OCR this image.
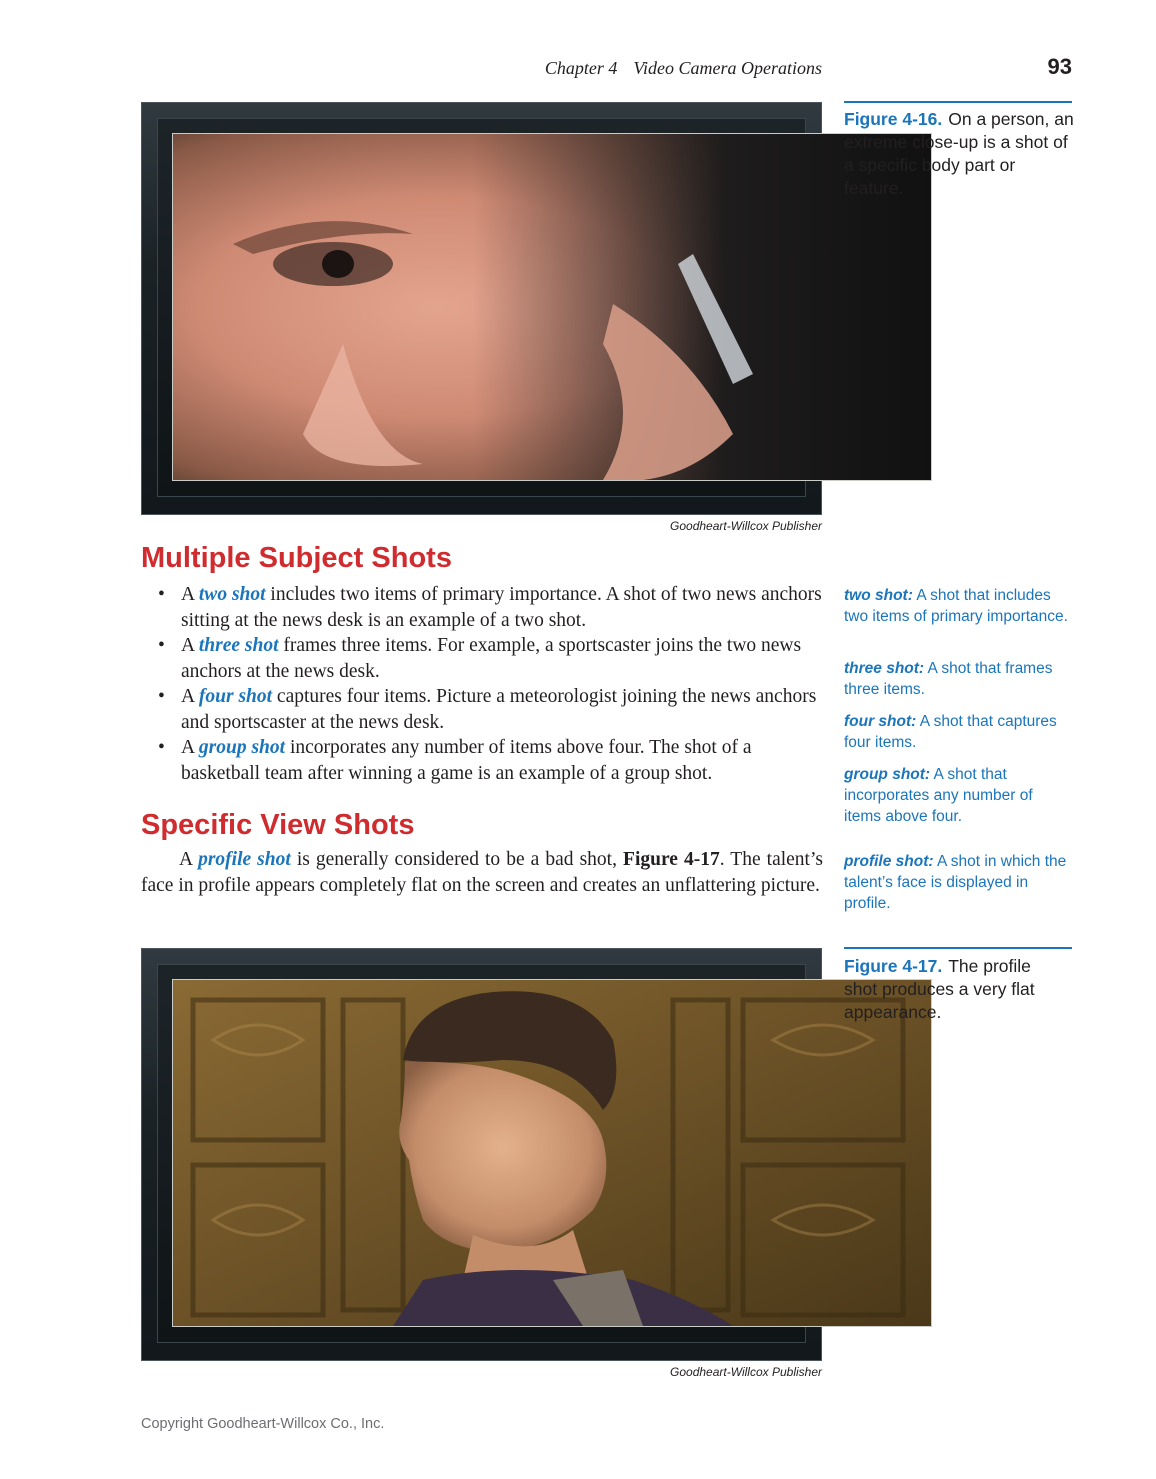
Chapter 4 Video Camera Operations	93
Goodheart-Willcox Publisher
Figure 4-16. On a person, an extreme close-up is a shot of a specific body part or feature.
Multiple Subject Shots
• A two shot includes two items of primary importance. A shot of two news anchors sitting at the news desk is an example of a two shot.
• A three shot frames three items. For example, a sportscaster joins the two news anchors at the news desk.
• A four shot captures four items. Picture a meteorologist joining the news anchors and sportscaster at the news desk.
• A group shot incorporates any number of items above four. The shot of a basketball team after winning a game is an example of a group shot.
Specific View Shots
A profile shot is generally considered to be a bad shot, Figure 4-17. The talent’s face in profile appears completely flat on the screen and creates an unflattering picture.
two shot: A shot that includes two items of primary importance.
three shot: A shot that frames three items.
four shot: A shot that captures four items.
group shot: A shot that incorporates any number of items above four.
profile shot: A shot in which the talent’s face is displayed in profile.
Goodheart-Willcox Publisher
Figure 4-17. The profile shot produces a very flat appearance.
Copyright Goodheart-Willcox Co., Inc.
